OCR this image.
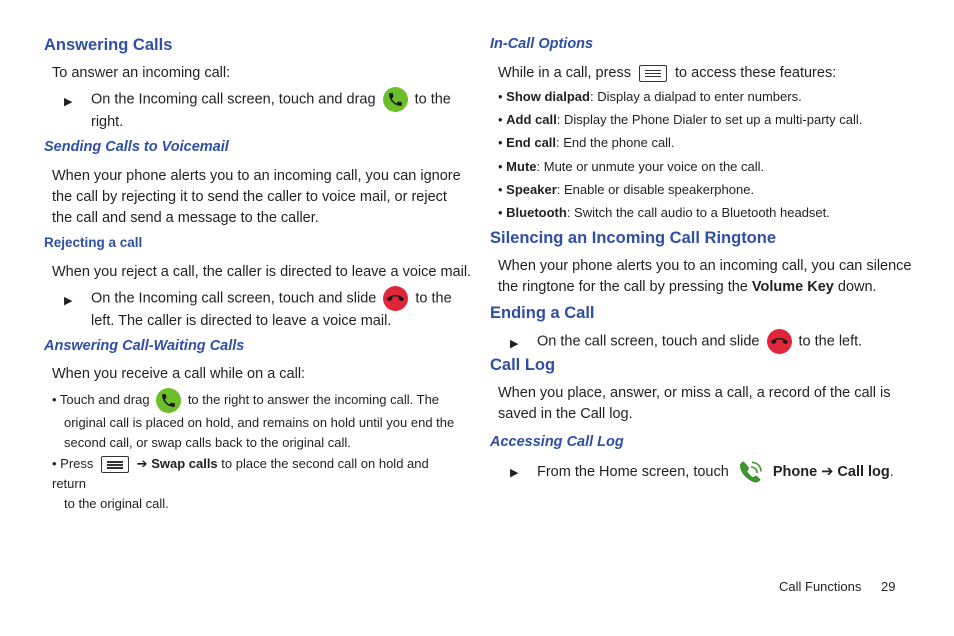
Answering Calls

To answer an incoming call:

▶ On the Incoming call screen, touch and drag	to the
right.

Sending Calls to Voicemail

When your phone alerts you to an incoming call, you can ignore
the call by rejecting it to send the caller to voice mail, or reject
the call and send a message to the caller.

Rejecting a call

When you reject a call, the caller is directed to leave a voice mail.

▶ On the Incoming call screen, touch and slide	to the
left. The caller is directed to leave a voice mail.

Answering Call-Waiting Calls

When you receive a call while on a call:

• Touch and drag	to the right to answer the incoming call. The
original call is placed on hold, and remains on hold until you end the
second call, or swap calls back to the original call.

• Press	➔ Swap calls to place the second call on hold and return
to the original call.

In-Call Options

While in a call, press	to access these features:

• Show dialpad: Display a dialpad to enter numbers.

• Add call: Display the Phone Dialer to set up a multi-party call.

• End call: End the phone call.

• Mute: Mute or unmute your voice on the call.

• Speaker: Enable or disable speakerphone.

• Bluetooth: Switch the call audio to a Bluetooth headset.

Silencing an Incoming Call Ringtone

When your phone alerts you to an incoming call, you can silence
the ringtone for the call by pressing the Volume Key down.

Ending a Call
▶ On the call screen, touch and slide	to the left.

Call Log

When you place, answer, or miss a call, a record of the call is
saved in the Call log.

Accessing Call Log
▶ From the Home screen, touch	Phone ➔ Call log.

Call Functions 29
